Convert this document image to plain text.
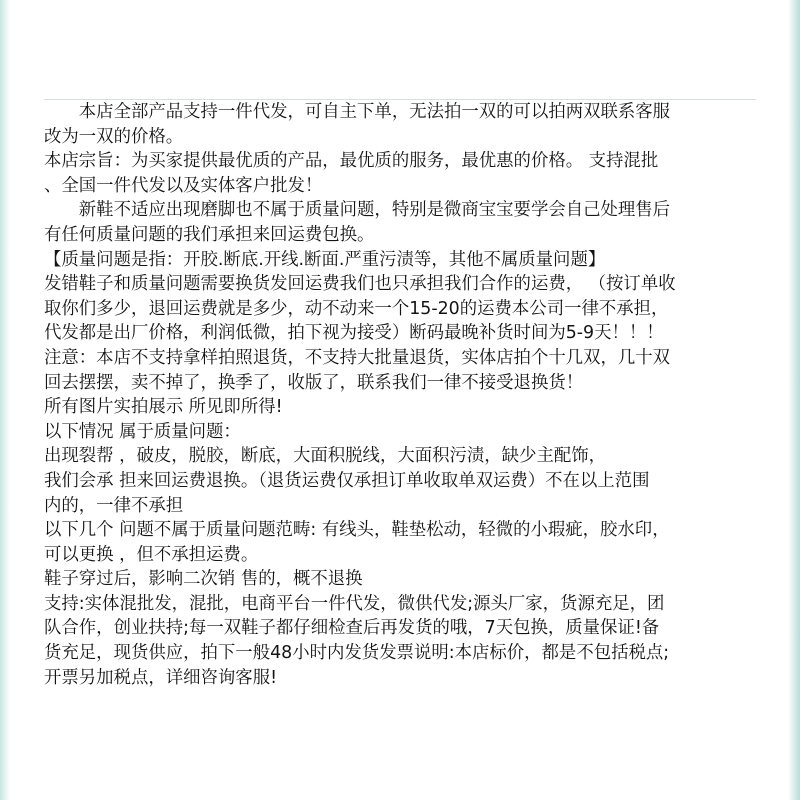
　　本店全部产品支持一件代发，可自主下单，无法拍一双的可以拍两双联系客服
改为一双的价格。
本店宗旨：为买家提供最优质的产品，最优质的服务，最优惠的价格。 支持混批
、全国一件代发以及实体客户批发！
　　新鞋不适应出现磨脚也不属于质量问题，特别是微商宝宝要学会自己处理售后
有任何质量问题的我们承担来回运费包换。
【质量问题是指：开胶.断底.开线.断面.严重污渍等，其他不属质量问题】
发错鞋子和质量问题需要换货发回运费我们也只承担我们合作的运费， （按订单收
取你们多少，退回运费就是多少，动不动来一个15-20的运费本公司一律不承担，
代发都是出厂价格，利润低微，拍下视为接受）断码最晚补货时间为5-9天！！！
注意：本店不支持拿样拍照退货，不支持大批量退货，实体店拍个十几双，几十双
回去摆摆，卖不掉了，换季了，收版了，联系我们一律不接受退换货！
所有图片实拍展示 所见即所得!
以下情况 属于质量问题：
出现裂帮 ，破皮，脱胶，断底，大面积脱线，大面积污渍，缺少主配饰，
我们会承 担来回运费退换。（退货运费仅承担订单收取单双运费）不在以上范围
内的，一律不承担
以下几个 问题不属于质量问题范畴: 有线头，鞋垫松动，轻微的小瑕疵，胶水印，
可以更换 ，但不承担运费。
鞋子穿过后，影响二次销 售的，概不退换
支持:实体混批发，混批，电商平台一件代发，微供代发;源头厂家，货源充足，团
队合作，创业扶持;每一双鞋子都仔细检查后再发货的哦，7天包换，质量保证!备
货充足，现货供应，拍下一般48小时内发货发票说明:本店标价，都是不包括税点;
开票另加税点，详细咨询客服!
